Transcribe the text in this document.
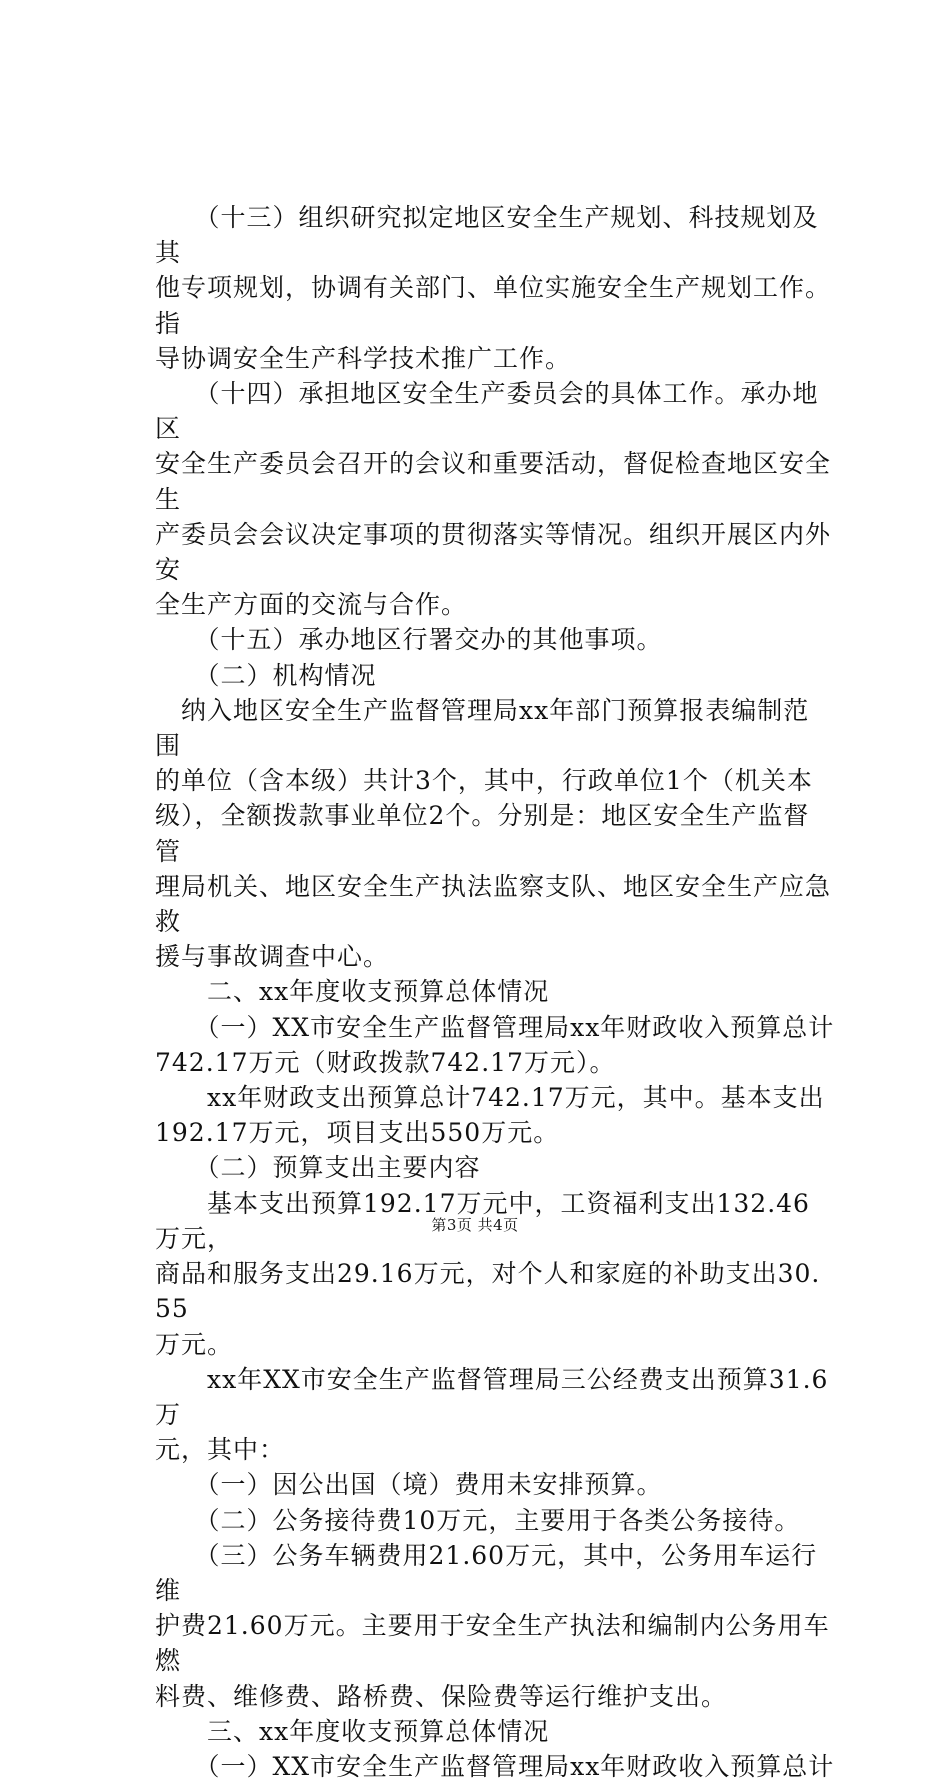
　　（十三）组织研究拟定地区安全生产规划、科技规划及其
他专项规划，协调有关部门、单位实施安全生产规划工作。指
导协调安全生产科学技术推广工作。

　　（十四）承担地区安全生产委员会的具体工作。承办地区
安全生产委员会召开的会议和重要活动，督促检查地区安全生
产委员会会议决定事项的贯彻落实等情况。组织开展区内外安
全生产方面的交流与合作。

　　（十五）承办地区行署交办的其他事项。

　　（二）机构情况

　纳入地区安全生产监督管理局xx年部门预算报表编制范围
的单位（含本级）共计3个，其中，行政单位1个（机关本
级），全额拨款事业单位2个。分别是：地区安全生产监督管
理局机关、地区安全生产执法监察支队、地区安全生产应急救
援与事故调查中心。

　　二、xx年度收支预算总体情况

　　（一）XX市安全生产监督管理局xx年财政收入预算总计
742.17万元（财政拨款742.17万元）。

　　xx年财政支出预算总计742.17万元，其中。基本支出
192.17万元，项目支出550万元。

　　（二）预算支出主要内容

　　基本支出预算192.17万元中，工资福利支出132.46万元，
商品和服务支出29.16万元，对个人和家庭的补助支出30.55
万元。

　　xx年XX市安全生产监督管理局三公经费支出预算31.6万
元，其中：

　　（一）因公出国（境）费用未安排预算。

　　（二）公务接待费10万元，主要用于各类公务接待。

　　（三）公务车辆费用21.60万元，其中，公务用车运行维
护费21.60万元。主要用于安全生产执法和编制内公务用车燃
料费、维修费、路桥费、保险费等运行维护支出。

　　三、xx年度收支预算总体情况

　　（一）XX市安全生产监督管理局xx年财政收入预算总计

第3页 共4页
